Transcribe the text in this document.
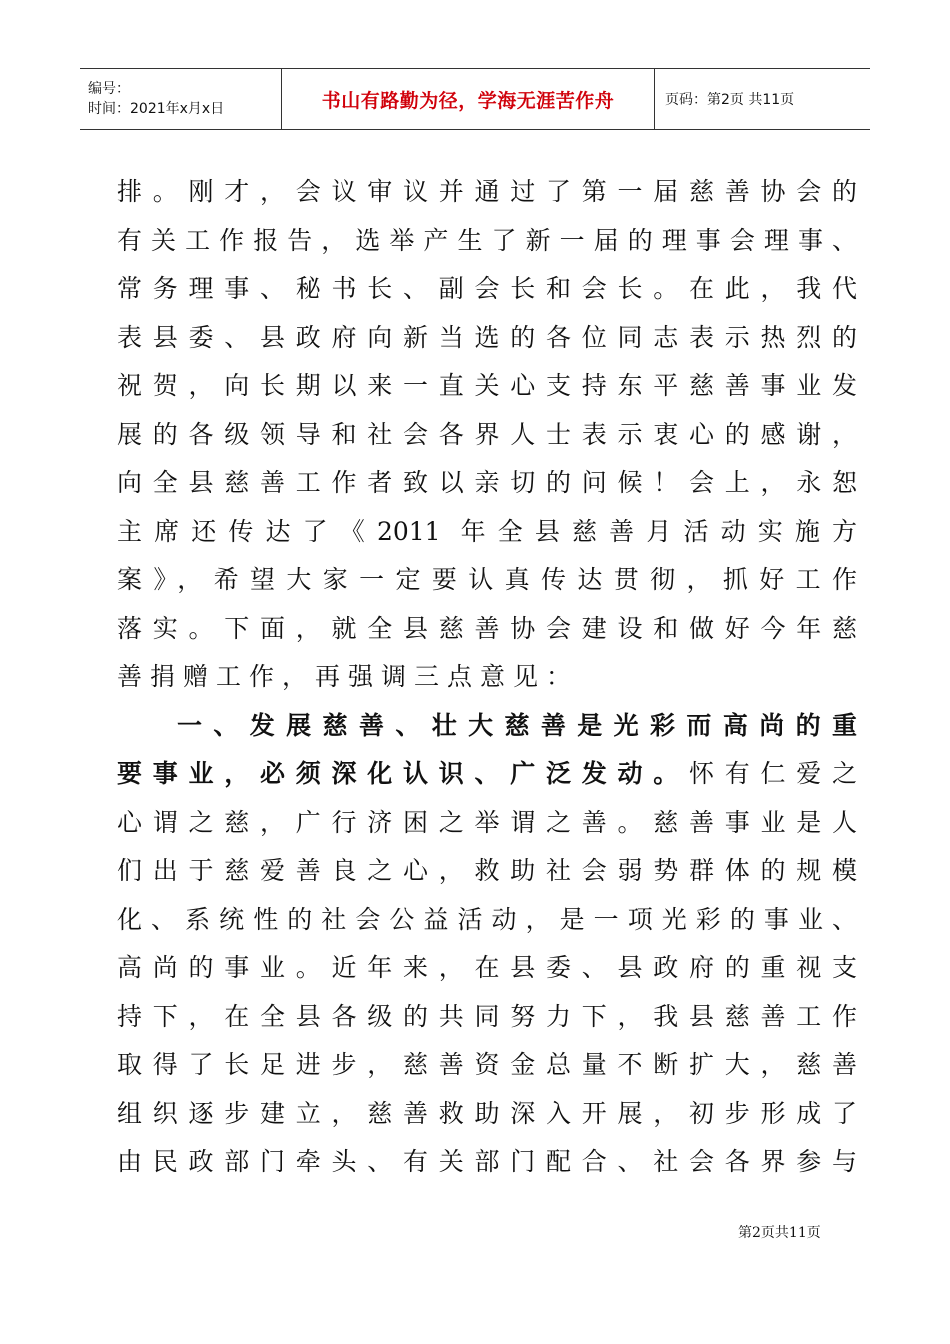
编号：
时间：2021年x月x日	书山有路勤为径，学海无涯苦作舟	页码：第2页 共11页
排。刚才，会议审议并通过了第一届慈善协会的
有关工作报告，选举产生了新一届的理事会理事、
常务理事、秘书长、副会长和会长。在此，我代
表县委、县政府向新当选的各位同志表示热烈的
祝贺，向长期以来一直关心支持东平慈善事业发
展的各级领导和社会各界人士表示衷心的感谢，
向全县慈善工作者致以亲切的问候！会上，永恕
主席还传达了《2011 年全县慈善月活动实施方
案》，希望大家一定要认真传达贯彻，抓好工作
落实。下面，就全县慈善协会建设和做好今年慈
善捐赠工作，再强调三点意见：
一、发展慈善、壮大慈善是光彩而高尚的重
要事业，必须深化认识、广泛发动。怀有仁爱之
心谓之慈，广行济困之举谓之善。慈善事业是人
们出于慈爱善良之心，救助社会弱势群体的规模
化、系统性的社会公益活动，是一项光彩的事业、
高尚的事业。近年来，在县委、县政府的重视支
持下，在全县各级的共同努力下，我县慈善工作
取得了长足进步，慈善资金总量不断扩大，慈善
组织逐步建立，慈善救助深入开展，初步形成了
由民政部门牵头、有关部门配合、社会各界参与
第2页共11页
